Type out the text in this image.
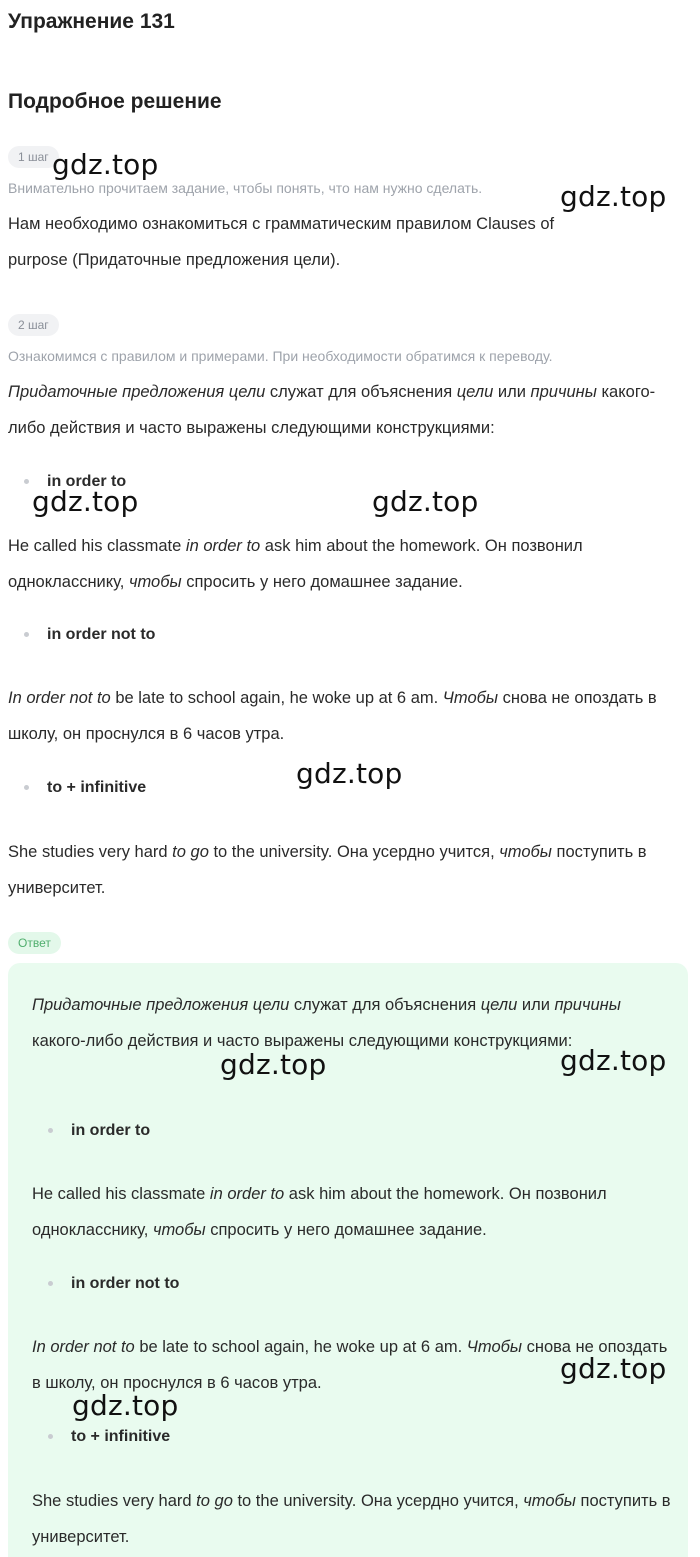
Упражнение 131
Подробное решение
1 шаг
Внимательно прочитаем задание, чтобы понять, что нам нужно сделать.

Нам необходимо ознакомиться с грамматическим правилом Clauses of
purpose (Придаточные предложения цели).

2 шаг
Ознакомимся с правилом и примерами. При необходимости обратимся к переводу.

Придаточные предложения цели служат для объяснения цели или причины какого-либо действия и часто выражены следующими конструкциями:

in order to

He called his classmate in order to ask him about the homework. Он позвонил однокласснику, чтобы спросить у него домашнее задание.

in order not to

In order not to be late to school again, he woke up at 6 am. Чтобы снова не опоздать в школу, он проснулся в 6 часов утра.

to + infinitive

She studies very hard to go to the university. Она усердно учится, чтобы поступить в университет.

Ответ

Придаточные предложения цели служат для объяснения цели или причины какого-либо действия и часто выражены следующими конструкциями:

in order to

He called his classmate in order to ask him about the homework. Он позвонил однокласснику, чтобы спросить у него домашнее задание.

in order not to

In order not to be late to school again, he woke up at 6 am. Чтобы снова не опоздать в школу, он проснулся в 6 часов утра.

to + infinitive

She studies very hard to go to the university. Она усердно учится, чтобы поступить в университет.

gdz.top
gdz.top
gdz.top	gdz.top
gdz.top
gdz.top	gdz.top
gdz.top
gdz.top
